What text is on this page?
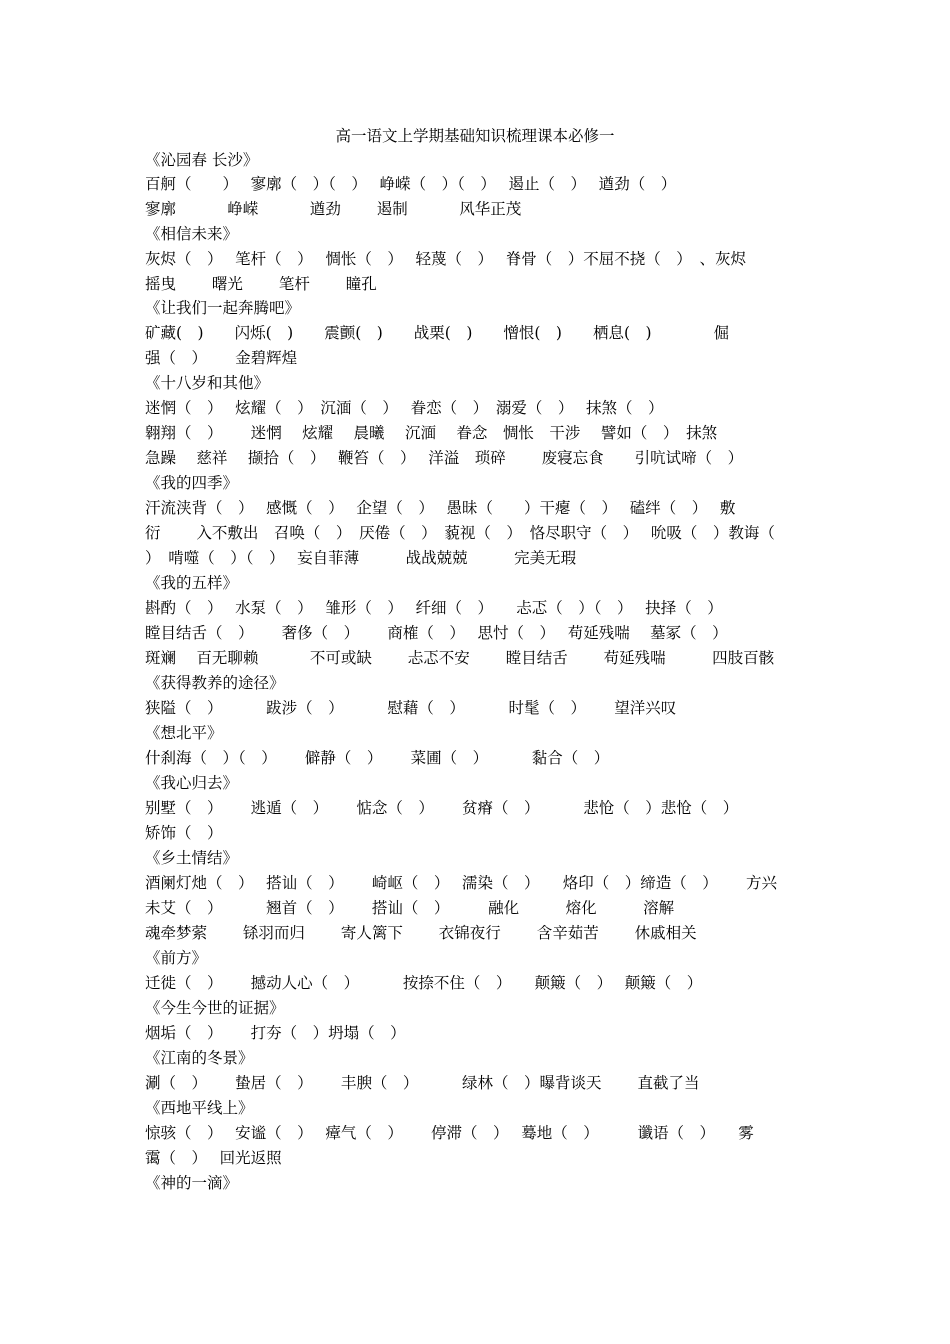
高一语文上学期基础知识梳理课本必修一
《沁园春 长沙》
百舸（　　）　 寥廓（　）（　）　 峥嵘（　）（　）　 遏止（　）　 遒劲（　）
寥廓　　　 峥嵘　　　 遒劲　　 遏制　　　 风华正茂
《相信未来》
灰烬（　）　 笔杆（　）　 惆怅（　）　 轻蔑（　）　 脊骨（　）不屈不挠（　）　、灰烬
摇曳　　 曙光　　 笔杆　　 瞳孔
《让我们一起奔腾吧》
矿藏(　)　　闪烁(　)　　震颤(　)　　战栗(　)　　憎恨(　)　　栖息(　)　　　　倔
强（　）　　 金碧辉煌
《十八岁和其他》
迷惘（　）　 炫耀（　）　沉湎（　）　 眷恋（　）　溺爱（　）　 抹煞（　）
翱翔（　）　　 迷惘　 炫耀　 晨曦　 沉湎　 眷念　惆怅　干涉　 譬如（　）　抹煞
急躁　 慈祥　 撷拾（　）　 鞭笞（　）　 洋溢　琐碎　　 废寝忘食　　引吭试啼（　）
《我的四季》
汗流浃背（　）　 感慨（　）　 企望（　）　 愚昧（　　）干瘪（　）　 磕绊（　）　 敷
衍　　 入不敷出　召唤（　）　厌倦（　）　藐视（　）　恪尽职守（　）　 吮吸（　）教诲（
）　啃噬（　）（　）　 妄自菲薄　　　战战兢兢　　　完美无瑕
《我的五样》
斟酌（　）　 水泵（　）　 雏形（　）　 纤细（　）　　忐忑（　）（　）　 抉择（　）
瞠目结舌（　）　　 奢侈（　）　　 商榷（　）　 思忖（　）　 苟延残喘　 墓冢（　）
斑斓　 百无聊赖　　　 不可或缺　　 忐忑不安　　 瞠目结舌　　 苟延残喘　　　四肢百骸
《获得教养的途径》
狭隘（　）　　　 跋涉（　）　　　 慰藉（　）　　　 时髦（　）　　 望洋兴叹
《想北平》
什刹海（　）（　）　　 僻静（　）　　 菜圃（　）　　　 黏合（　）
《我心归去》
别墅（　）　　 逃遁（　）　　 惦念（　）　　 贫瘠（　）　　　 悲怆（　）悲怆（　）
矫饰（　）
《乡土情结》
酒阑灯灺（　）　 搭讪（　）　　 崎岖（　）　 濡染（　）　　烙印（　）缔造（　）　　 方兴
未艾（　）　　　 翘首（　）　　 搭讪（　）　　　融化　　　熔化　　　溶解
魂牵梦萦　　 铩羽而归　　 寄人篱下　　 衣锦夜行　　 含辛茹苦　　 休戚相关
《前方》
迁徙（　）　　 撼动人心（　）　　　 按捺不住（　）　　颠簸（　）　 颠簸（　）
《今生今世的证据》
烟垢（　）　　 打夯（　）坍塌（　）
《江南的冬景》
涮（　）　　 蛰居（　）　　 丰腴（　）　　　 绿林（　）曝背谈天　　 直截了当
《西地平线上》
惊骇（　）　 安谧（　）　 瘴气（　）　　 停滞（　）　 蓦地（　）　　　谶语（　）　　雾
霭（　）　 回光返照
《神的一滴》
